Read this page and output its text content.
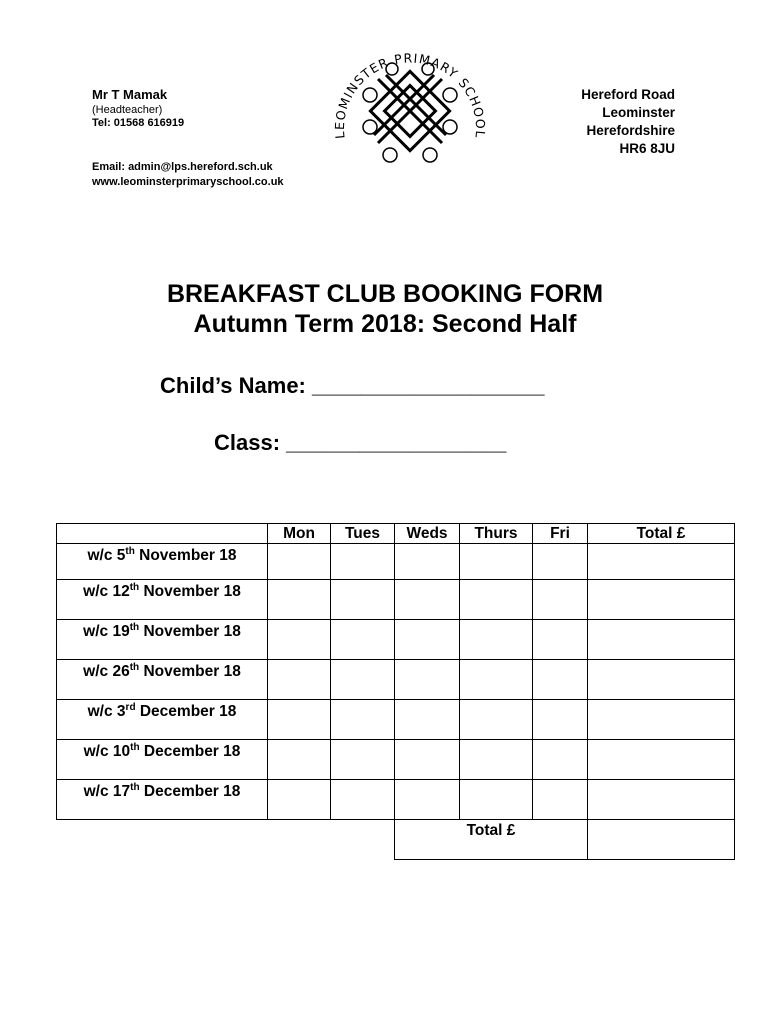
Mr T Mamak
(Headteacher)
Tel: 01568 616919
Email: admin@lps.hereford.sch.uk
www.leominsterprimaryschool.co.uk
LEOMINSTER PRIMARY SCHOOL
Hereford Road
Leominster
Herefordshire
HR6 8JU
BREAKFAST CLUB BOOKING FORM
Autumn Term 2018: Second Half
Child’s Name: ___________________
Class: __________________
	Mon	Tues	Weds	Thurs	Fri	Total £
w/c 5th November 18						
w/c 12th November 18						
w/c 19th November 18						
w/c 26th November 18						
w/c 3rd December 18						
w/c 10th December 18						
w/c 17th December 18						
			Total £			
